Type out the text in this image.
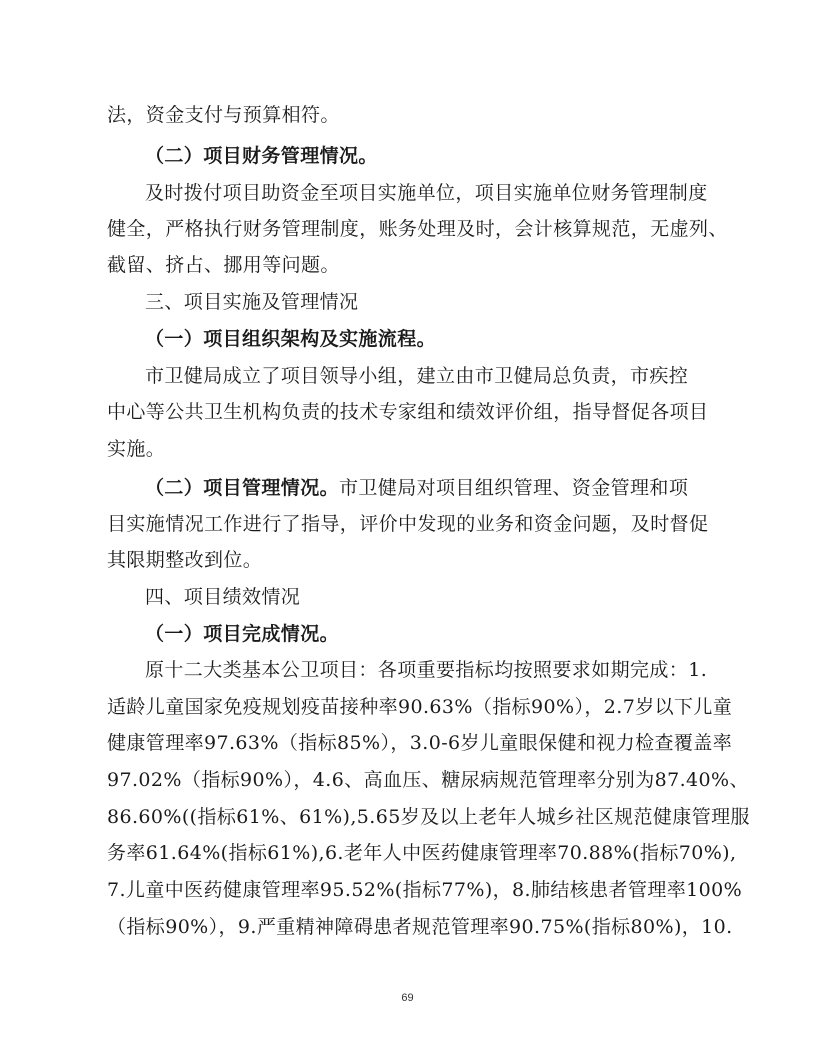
法，资金支付与预算相符。
（二）项目财务管理情况。
及时拨付项目助资金至项目实施单位，项目实施单位财务管理制度
健全，严格执行财务管理制度，账务处理及时，会计核算规范，无虚列、
截留、挤占、挪用等问题。
三、项目实施及管理情况
（一）项目组织架构及实施流程。
市卫健局成立了项目领导小组，建立由市卫健局总负责，市疾控
中心等公共卫生机构负责的技术专家组和绩效评价组，指导督促各项目
实施。
（二）项目管理情况。市卫健局对项目组织管理、资金管理和项
目实施情况工作进行了指导，评价中发现的业务和资金问题，及时督促
其限期整改到位。
四、项目绩效情况
（一）项目完成情况。
原十二大类基本公卫项目：各项重要指标均按照要求如期完成：1.
适龄儿童国家免疫规划疫苗接种率90.63%（指标90%），2.7岁以下儿童
健康管理率97.63%（指标85%），3.0-6岁儿童眼保健和视力检查覆盖率
97.02%（指标90%），4.6、高血压、糖尿病规范管理率分别为87.40%、
86.60%((指标61%、61%),5.65岁及以上老年人城乡社区规范健康管理服
务率61.64%(指标61%),6.老年人中医药健康管理率70.88%(指标70%),
7.儿童中医药健康管理率95.52%(指标77%)，8.肺结核患者管理率100%
（指标90%），9.严重精神障碍患者规范管理率90.75%(指标80%)，10.
69
